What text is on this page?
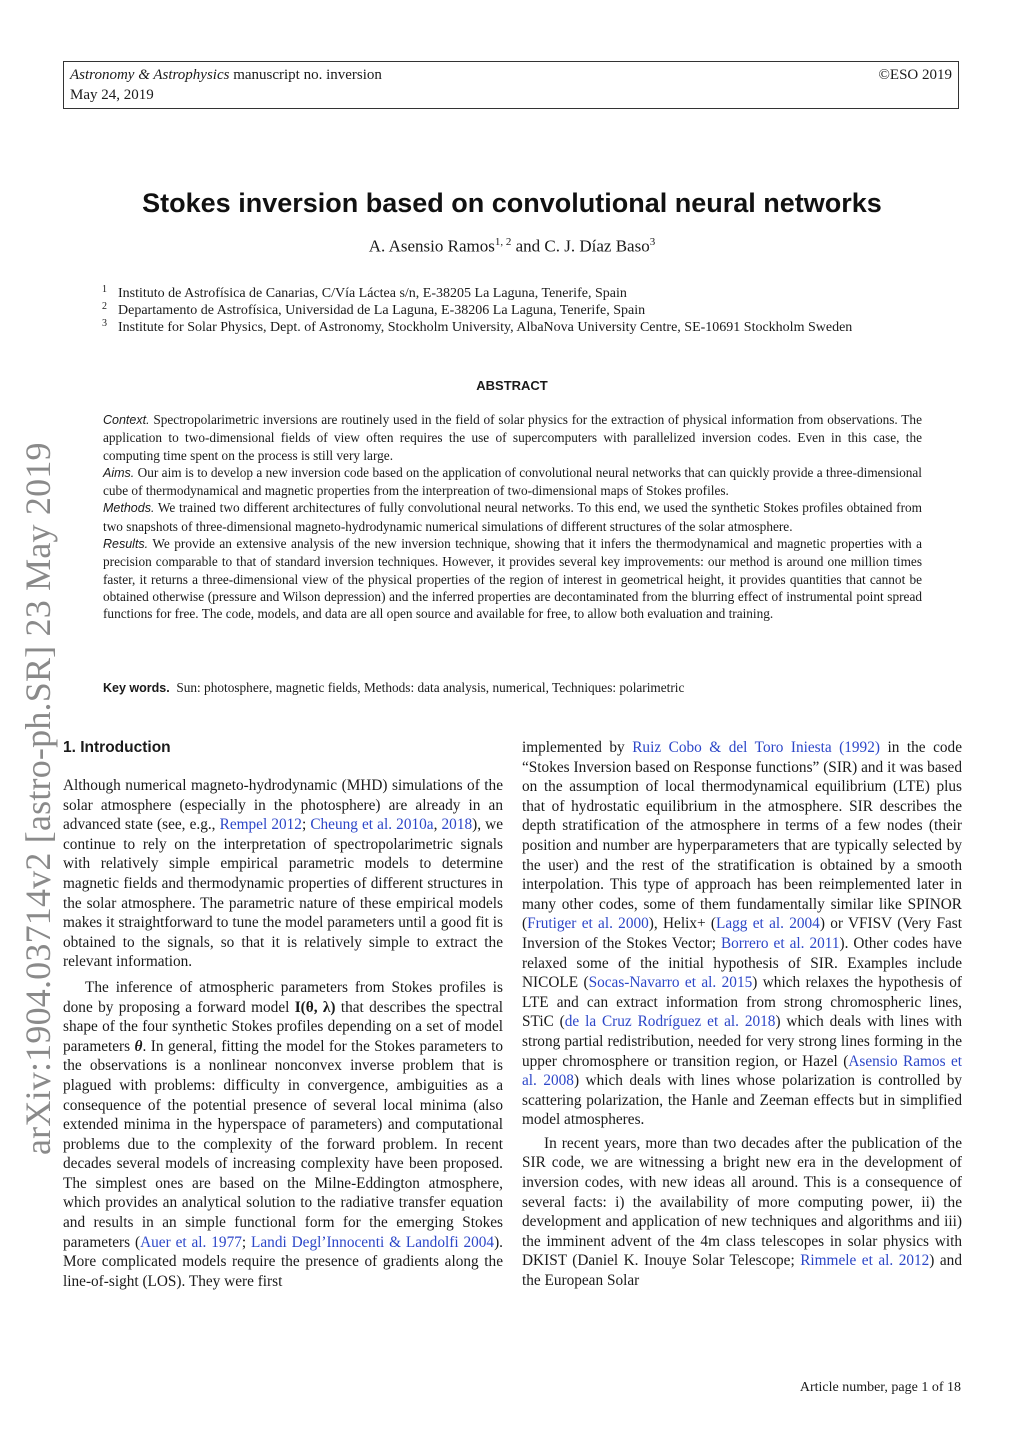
Astronomy & Astrophysics manuscript no. inversion
May 24, 2019
©ESO 2019
Stokes inversion based on convolutional neural networks
A. Asensio Ramos$^{1, 2}$ and C. J. Díaz Baso$^3$
1 Instituto de Astrofísica de Canarias, C/Vía Láctea s/n, E-38205 La Laguna, Tenerife, Spain
2 Departamento de Astrofísica, Universidad de La Laguna, E-38206 La Laguna, Tenerife, Spain
3 Institute for Solar Physics, Dept. of Astronomy, Stockholm University, AlbaNova University Centre, SE-10691 Stockholm Sweden
ABSTRACT

Context. Spectropolarimetric inversions are routinely used in the field of solar physics for the extraction of physical information from observations. The application to two-dimensional fields of view often requires the use of supercomputers with parallelized inversion codes. Even in this case, the computing time spent on the process is still very large.

Aims. Our aim is to develop a new inversion code based on the application of convolutional neural networks that can quickly provide a three-dimensional cube of thermodynamical and magnetic properties from the interpreation of two-dimensional maps of Stokes profiles.

Methods. We trained two different architectures of fully convolutional neural networks. To this end, we used the synthetic Stokes profiles obtained from two snapshots of three-dimensional magneto-hydrodynamic numerical simulations of different structures of the solar atmosphere.

Results. We provide an extensive analysis of the new inversion technique, showing that it infers the thermodynamical and magnetic properties with a precision comparable to that of standard inversion techniques. However, it provides several key improvements: our method is around one million times faster, it returns a three-dimensional view of the physical properties of the region of interest in geometrical height, it provides quantities that cannot be obtained otherwise (pressure and Wilson depression) and the inferred properties are decontaminated from the blurring effect of instrumental point spread functions for free. The code, models, and data are all open source and available for free, to allow both evaluation and training.

Key words. Sun: photosphere, magnetic fields, Methods: data analysis, numerical, Techniques: polarimetric
arXiv:1904.03714v2 [astro-ph.SR] 23 May 2019 1. Introduction

Although numerical magneto-hydrodynamic (MHD) simulations of the solar atmosphere (especially in the photosphere) are already in an advanced state (see, e.g., Rempel 2012; Cheung et al. 2010a, 2018), we continue to rely on the interpretation of spectropolarimetric signals with relatively simple empirical parametric models to determine magnetic fields and thermodynamic properties of different structures in the solar atmosphere. The parametric nature of these empirical models makes it straightforward to tune the model parameters until a good fit is obtained to the signals, so that it is relatively simple to extract the relevant information.

The inference of atmospheric parameters from Stokes profiles is done by proposing a forward model I(θ, λ) that describes the spectral shape of the four synthetic Stokes profiles depending on a set of model parameters θ. In general, fitting the model for the Stokes parameters to the observations is a nonlinear nonconvex inverse problem that is plagued with problems: difficulty in convergence, ambiguities as a consequence of the potential presence of several local minima (also extended minima in the hyperspace of parameters) and computational problems due to the complexity of the forward problem. In recent decades several models of increasing complexity have been proposed. The simplest ones are based on the Milne-Eddington atmosphere, which provides an analytical solution to the radiative transfer equation and results in an simple functional form for the emerging Stokes parameters (Auer et al. 1977; Landi Degl’Innocenti & Landolfi 2004). More complicated models require the presence of gradients along the line-of-sight (LOS). They were first

implemented by Ruiz Cobo & del Toro Iniesta (1992) in the code “Stokes Inversion based on Response functions” (SIR) and it was based on the assumption of local thermodynamical equilibrium (LTE) plus that of hydrostatic equilibrium in the atmosphere. SIR describes the depth stratification of the atmosphere in terms of a few nodes (their position and number are hyperparameters that are typically selected by the user) and the rest of the stratification is obtained by a smooth interpolation. This type of approach has been reimplemented later in many other codes, some of them fundamentally similar like SPINOR (Frutiger et al. 2000), Helix+ (Lagg et al. 2004) or VFISV (Very Fast Inversion of the Stokes Vector; Borrero et al. 2011). Other codes have relaxed some of the initial hypothesis of SIR. Examples include NICOLE (Socas-Navarro et al. 2015) which relaxes the hypothesis of LTE and can extract information from strong chromospheric lines, STiC (de la Cruz Rodríguez et al. 2018) which deals with lines with strong partial redistribution, needed for very strong lines forming in the upper chromosphere or transition region, or Hazel (Asensio Ramos et al. 2008) which deals with lines whose polarization is controlled by scattering polarization, the Hanle and Zeeman effects but in simplified model atmospheres.

In recent years, more than two decades after the publication of the SIR code, we are witnessing a bright new era in the development of inversion codes, with new ideas all around. This is a consequence of several facts: i) the availability of more computing power, ii) the development and application of new techniques and algorithms and iii) the imminent advent of the 4m class telescopes in solar physics with DKIST (Daniel K. Inouye Solar Telescope; Rimmele et al. 2012) and the European Solar

Article number, page 1 of 18
